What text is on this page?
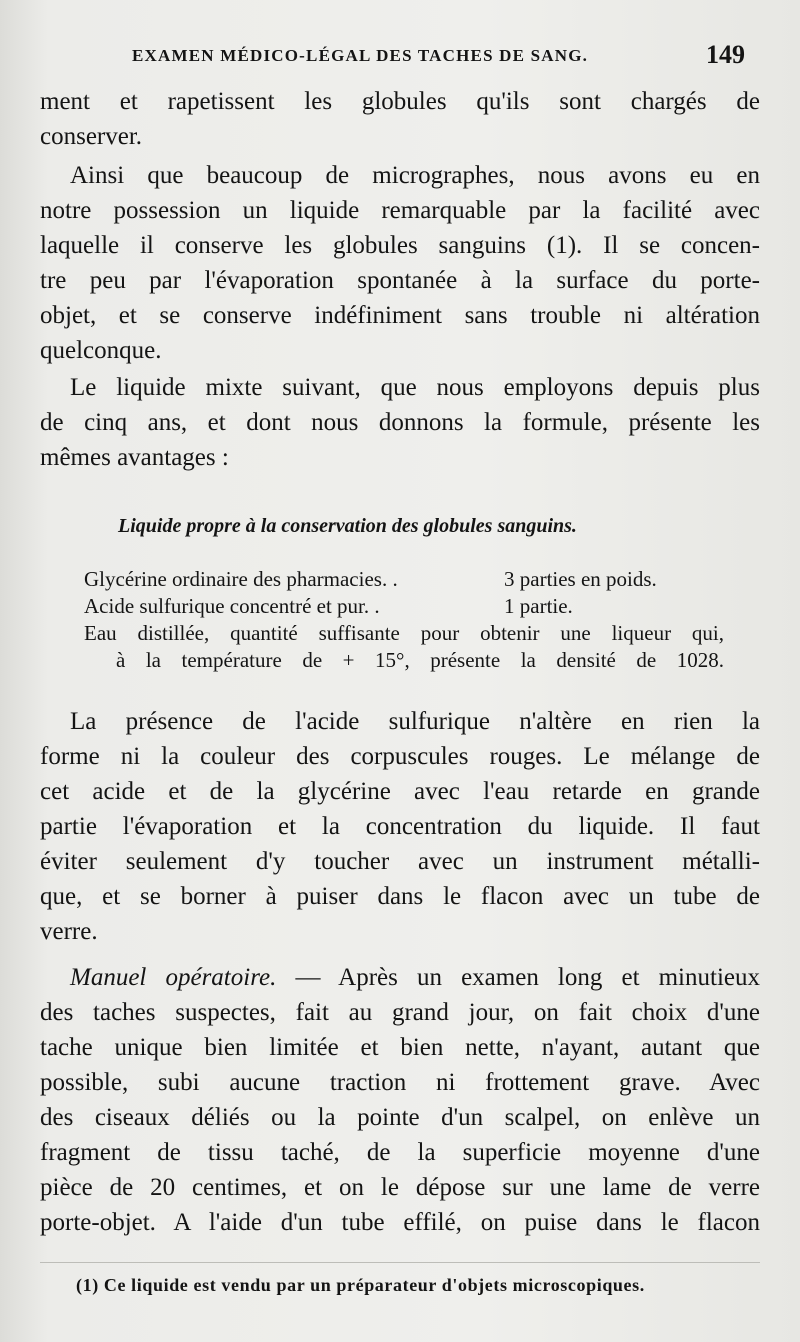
EXAMEN MÉDICO-LÉGAL DES TACHES DE SANG.	149
ment et rapetissent les globules qu'ils sont chargés de
conserver.
Ainsi que beaucoup de micrographes, nous avons eu en
notre possession un liquide remarquable par la facilité avec
laquelle il conserve les globules sanguins (1). Il se concen-
tre peu par l'évaporation spontanée à la surface du porte-
objet, et se conserve indéfiniment sans trouble ni altération
quelconque.
Le liquide mixte suivant, que nous employons depuis plus
de cinq ans, et dont nous donnons la formule, présente les
mêmes avantages :
Liquide propre à la conservation des globules sanguins.
Glycérine ordinaire des pharmacies. .	3 parties en poids.
Acide sulfurique concentré et pur. .	1 partie.
Eau distillée, quantité suffisante pour obtenir une liqueur qui,
à la température de + 15°, présente la densité de 1028.
La présence de l'acide sulfurique n'altère en rien la
forme ni la couleur des corpuscules rouges. Le mélange de
cet acide et de la glycérine avec l'eau retarde en grande
partie l'évaporation et la concentration du liquide. Il faut
éviter seulement d'y toucher avec un instrument métalli-
que, et se borner à puiser dans le flacon avec un tube de
verre.
Manuel opératoire. — Après un examen long et minutieux
des taches suspectes, fait au grand jour, on fait choix d'une
tache unique bien limitée et bien nette, n'ayant, autant que
possible, subi aucune traction ni frottement grave. Avec
des ciseaux déliés ou la pointe d'un scalpel, on enlève un
fragment de tissu taché, de la superficie moyenne d'une
pièce de 20 centimes, et on le dépose sur une lame de verre
porte-objet. A l'aide d'un tube effilé, on puise dans le flacon
(1) Ce liquide est vendu par un préparateur d'objets microscopiques.
